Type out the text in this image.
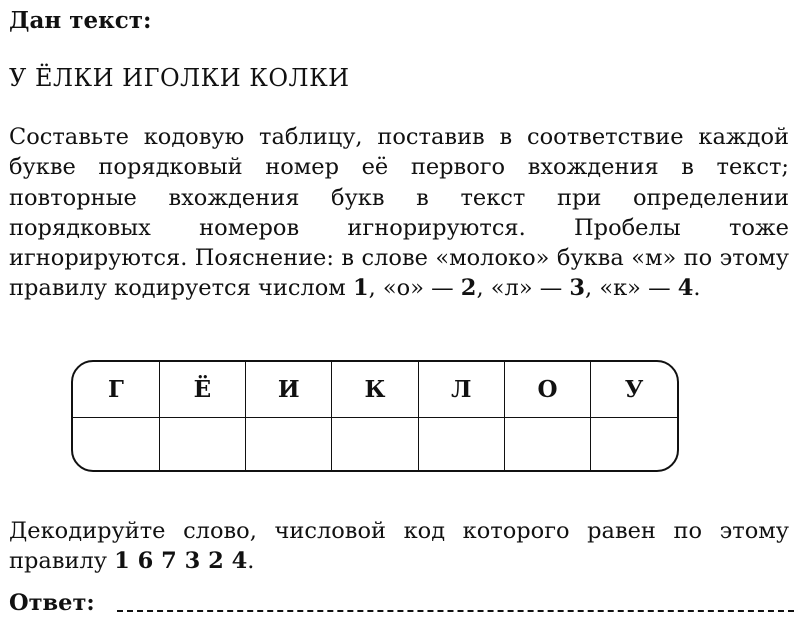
Дан текст:
У ЁЛКИ ИГОЛКИ КОЛКИ
Составьте кодовую таблицу, поставив в соответствие каждой букве порядковый номер её первого вхождения в текст; повторные вхождения букв в текст при определении порядковых номеров игнорируются. Пробелы тоже игнорируются. Пояснение: в слове «молоко» буква «м» по этому правилу кодируется числом 1, «о» — 2, «л» — 3, «к» — 4.
Г	Ё	И	К	Л	О	У

Декодируйте слово, числовой код которого равен по этому правилу 1 6 7 3 2 4.
Ответ:
